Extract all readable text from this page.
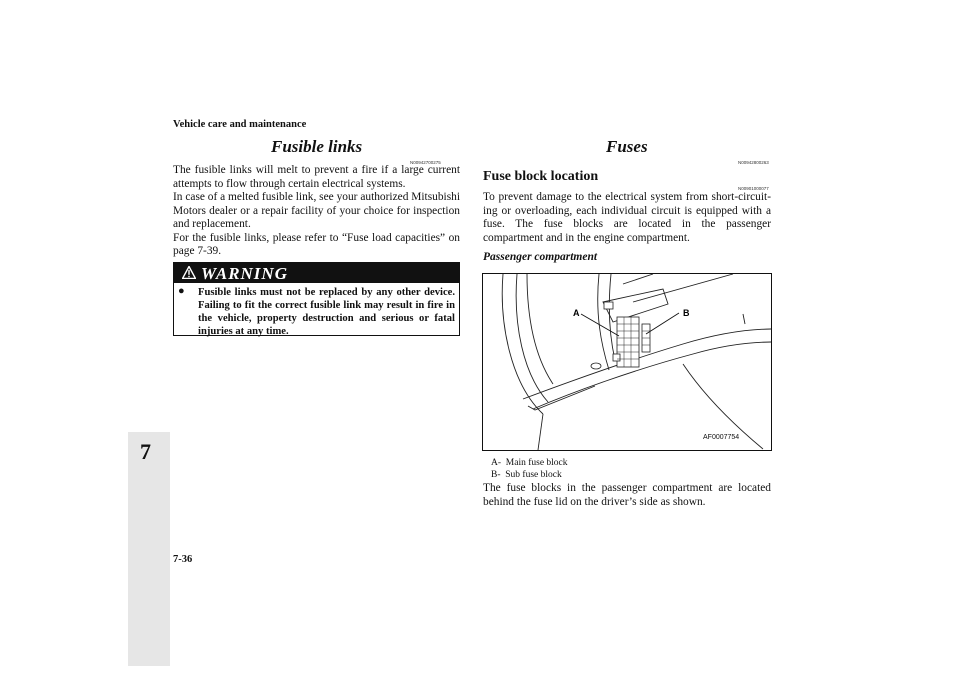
Vehicle care and maintenance
7
7-36
Fusible links
N00942700275
The fusible links will melt to prevent a fire if a large current attempts to flow through certain electrical systems.
In case of a melted fusible link, see your authorized Mitsubishi Motors dealer or a repair facility of your choice for inspection and replacement.
For the fusible links, please refer to “Fuse load capacities” on page 7-39.
WARNING
● Fusible links must not be replaced by any other device. Failing to fit the correct fusible link may result in fire in the vehicle, property destruction and serious or fatal injuries at any time.
Fuses
N00942800263
Fuse block location
N00901000077
To prevent damage to the electrical system from short-circuit-ing or overloading, each individual circuit is equipped with a fuse. The fuse blocks are located in the passenger compartment and in the engine compartment.
Passenger compartment
A	B
AF0007754
A- Main fuse block
B- Sub fuse block
The fuse blocks in the passenger compartment are located behind the fuse lid on the driver’s side as shown.
